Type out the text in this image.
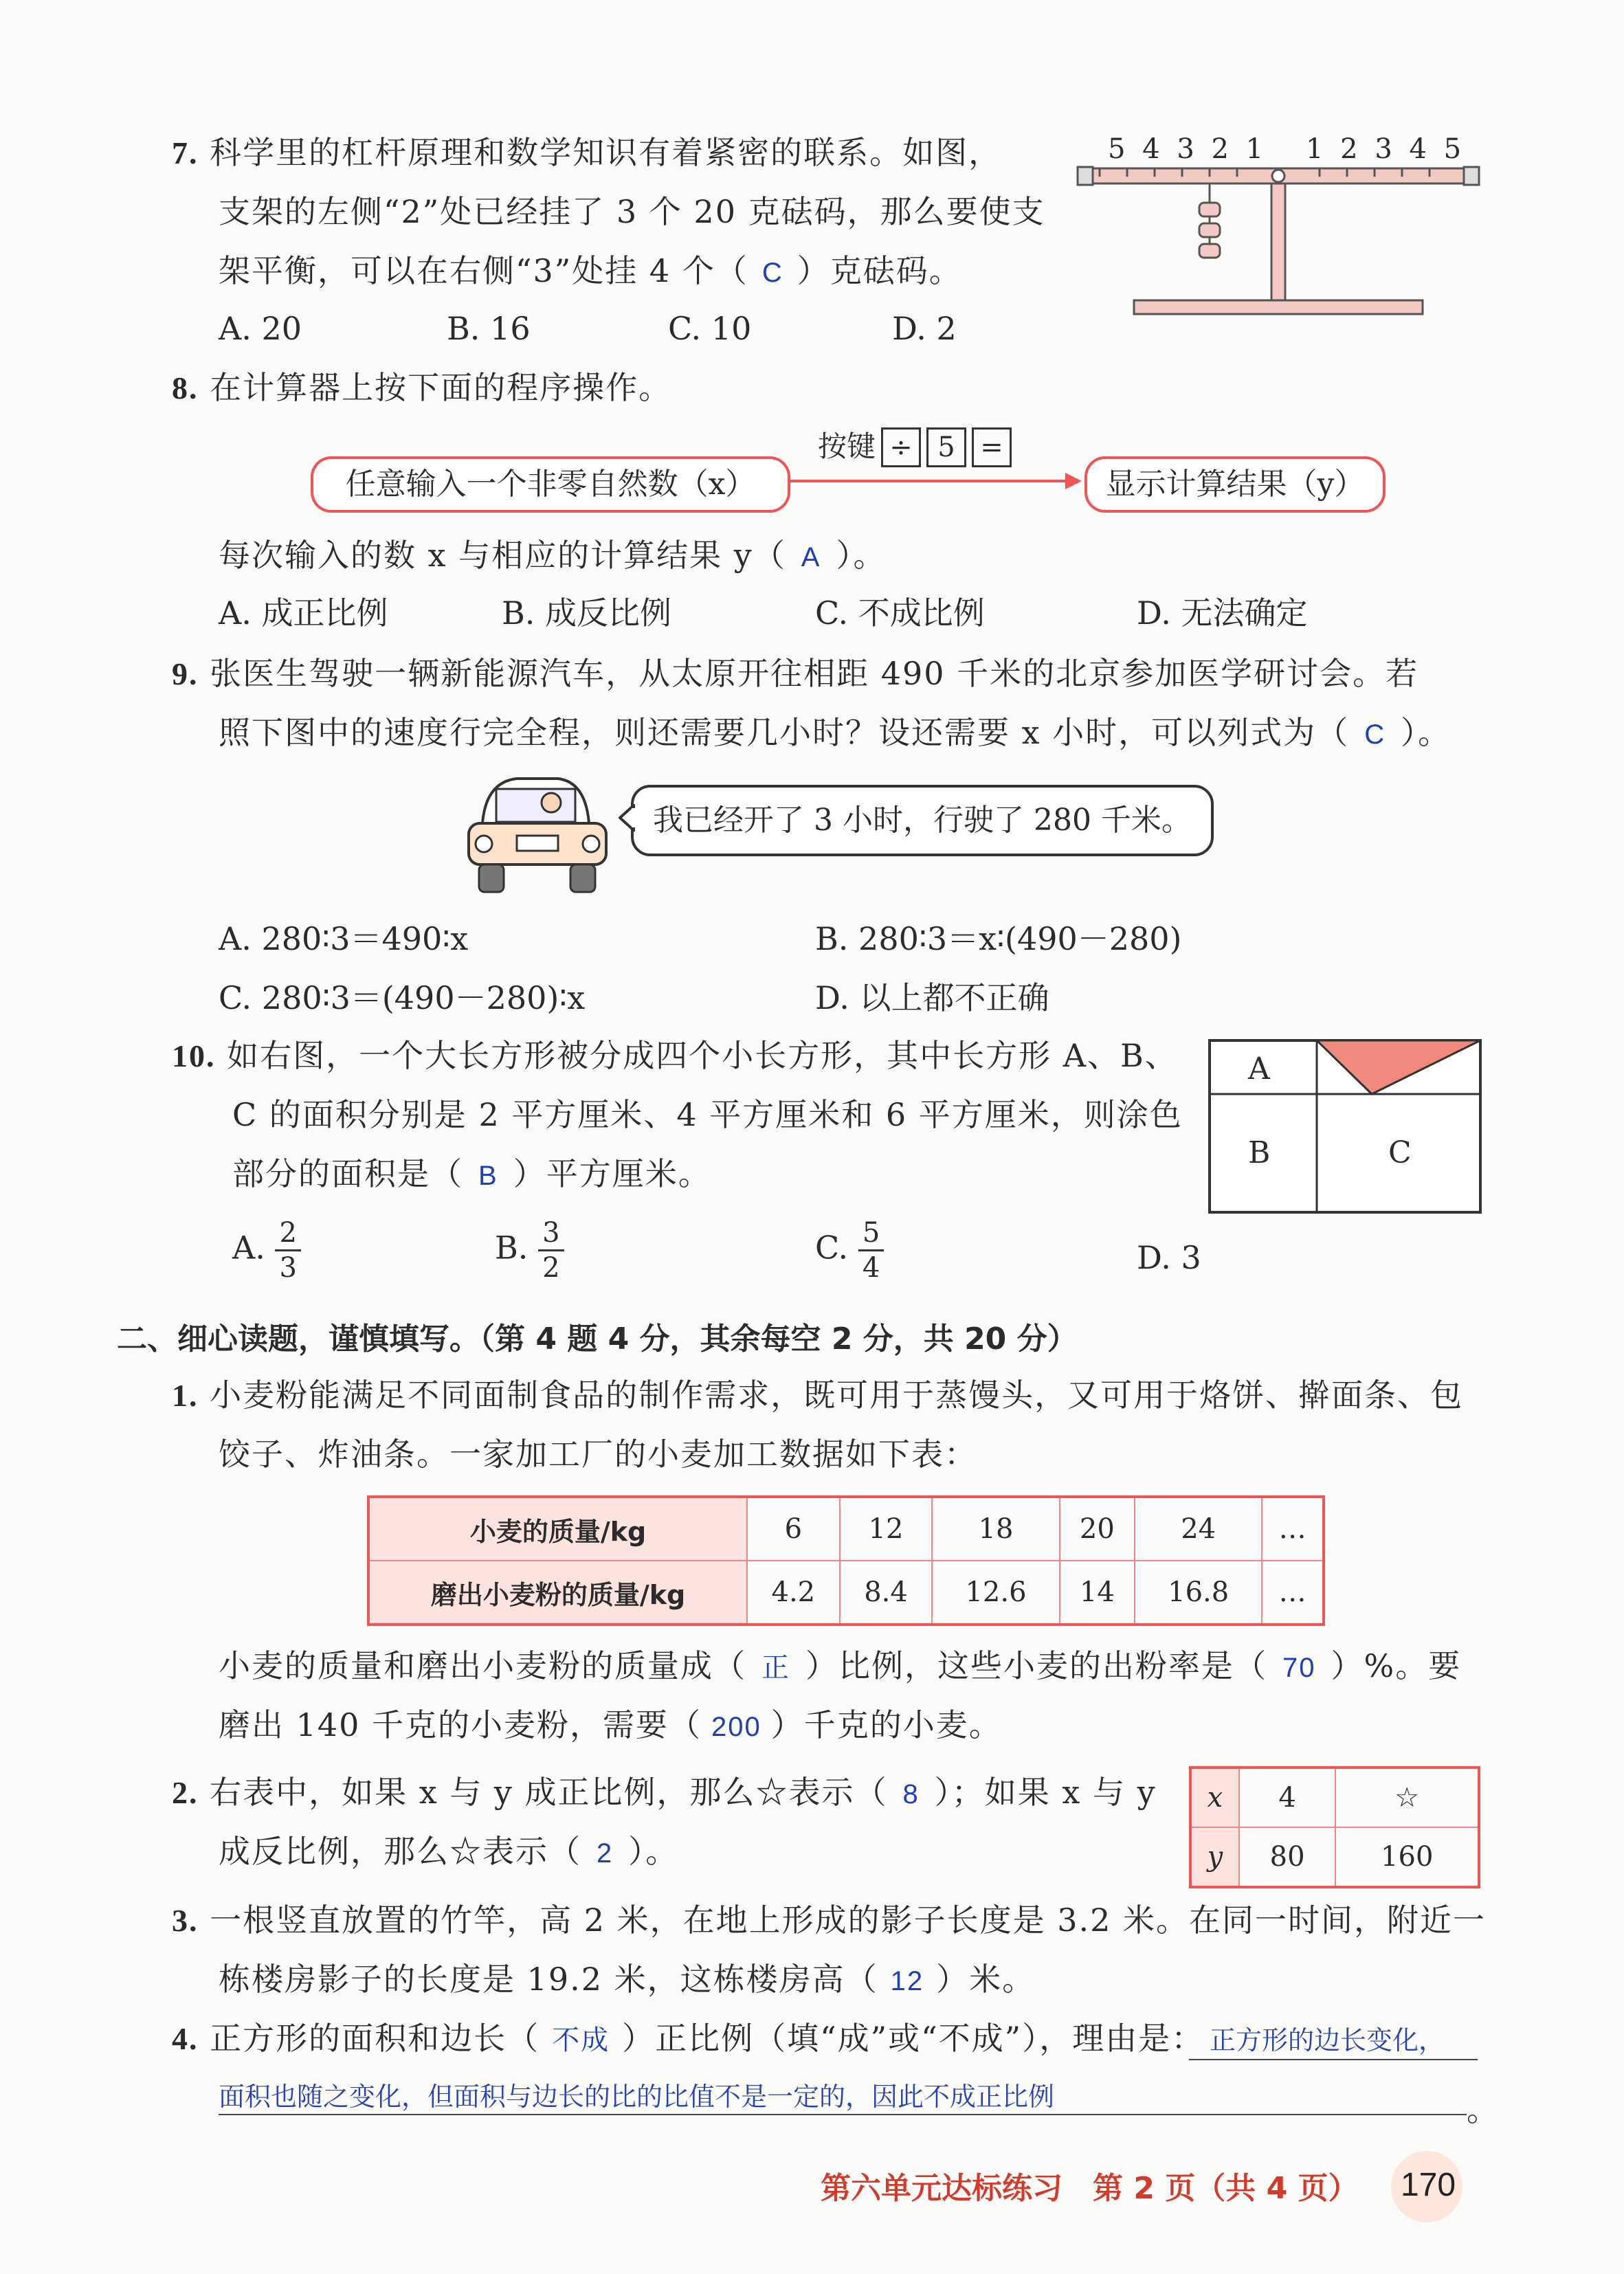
7. 科学里的杠杆原理和数学知识有着紧密的联系。如图，
支架的左侧“2”处已经挂了 3 个 20 克砝码，那么要使支
架平衡，可以在右侧“3”处挂 4 个（ C ）克砝码。
A. 20	B. 16	C. 10	D. 2
5 4 3 2 1 1 2 3 4 5
8. 在计算器上按下面的程序操作。
任意输入一个非零自然数（x）
按键 ÷ 5 =
显示计算结果（y）
每次输入的数 x 与相应的计算结果 y（ A ）。
A. 成正比例	B. 成反比例	C. 不成比例	D. 无法确定
9. 张医生驾驶一辆新能源汽车，从太原开往相距 490 千米的北京参加医学研讨会。若
照下图中的速度行完全程，则还需要几小时？设还需要 x 小时，可以列式为（ C ）。
我已经开了 3 小时，行驶了 280 千米。
A. 280∶3＝490∶x	B. 280∶3＝x∶(490－280)
C. 280∶3＝(490－280)∶x	D. 以上都不正确
10. 如右图，一个大长方形被分成四个小长方形，其中长方形 A、B、
C 的面积分别是 2 平方厘米、4 平方厘米和 6 平方厘米，则涂色
部分的面积是（ B ）平方厘米。
A
B	C
A. $\frac{2}{3}$	B. $\frac{3}{2}$	C. $\frac{5}{4}$	D. 3
二、细心读题，谨慎填写。（第 4 题 4 分，其余每空 2 分，共 20 分）
1. 小麦粉能满足不同面制食品的制作需求，既可用于蒸馒头，又可用于烙饼、擀面条、包
饺子、炸油条。一家加工厂的小麦加工数据如下表：
小麦的质量/kg	6	12	18	20	24	…
磨出小麦粉的质量/kg	4.2	8.4	12.6	14	16.8	…
小麦的质量和磨出小麦粉的质量成（ 正 ）比例，这些小麦的出粉率是（ 70 ）%。要
磨出 140 千克的小麦粉，需要（ 200 ）千克的小麦。
2. 右表中，如果 x 与 y 成正比例，那么☆表示（ 8 ）；如果 x 与 y
成反比例，那么☆表示（ 2 ）。
x	4	☆
y	80	160
3. 一根竖直放置的竹竿，高 2 米，在地上形成的影子长度是 3.2 米。在同一时间，附近一
栋楼房影子的长度是 19.2 米，这栋楼房高（ 12 ）米。
4. 正方形的面积和边长（ 不成 ）正比例（填“成”或“不成”），理由是： 正方形的边长变化，
面积也随之变化，但面积与边长的比的比值不是一定的，因此不成正比例	。
第六单元达标练习　第 2 页（共 4 页） 170
